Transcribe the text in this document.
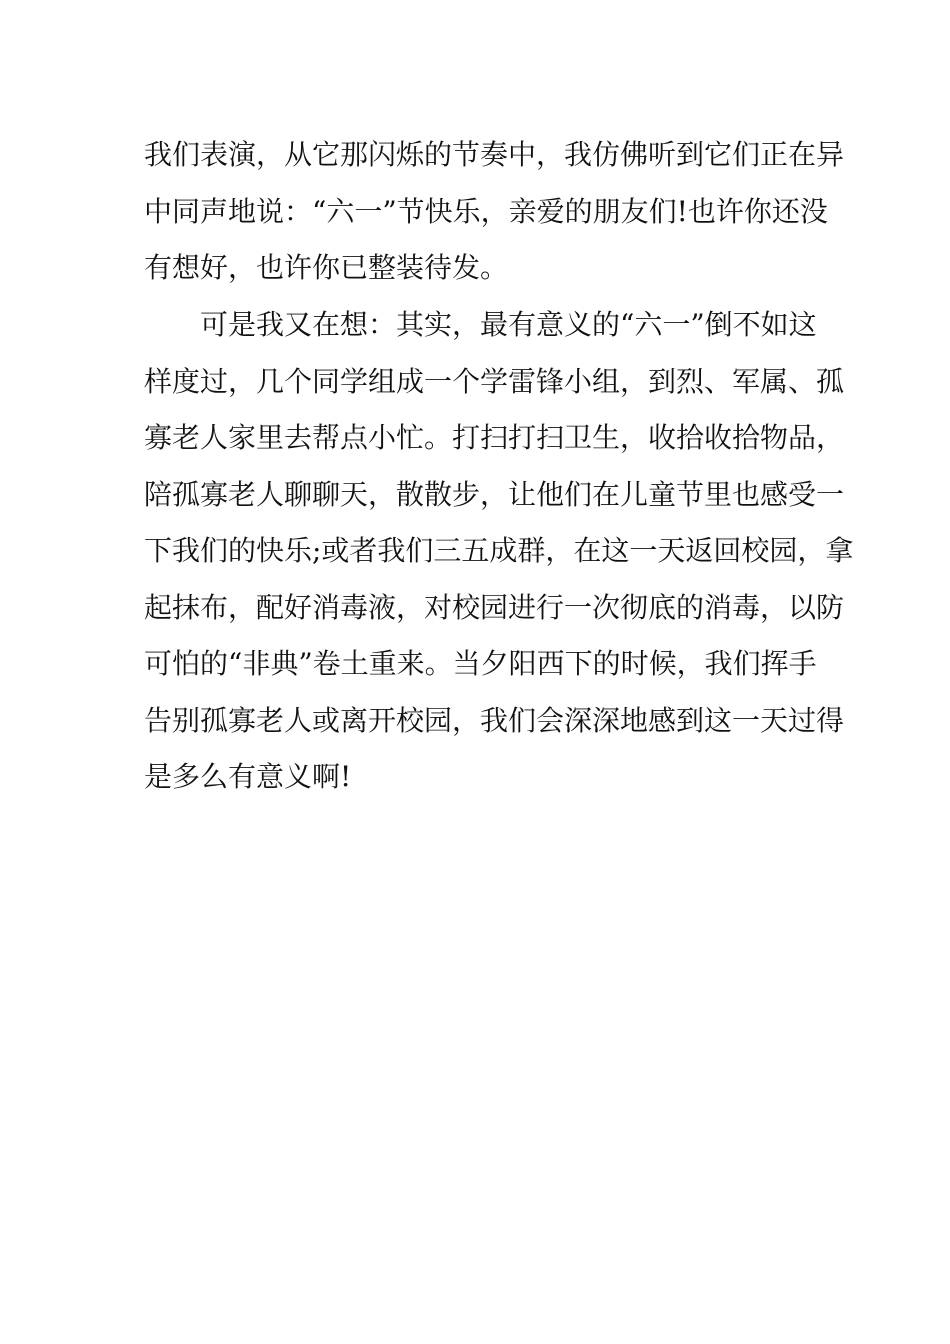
我们表演，从它那闪烁的节奏中，我仿佛听到它们正在异
中同声地说：“六一”节快乐，亲爱的朋友们!也许你还没
有想好，也许你已整装待发。
可是我又在想：其实，最有意义的“六一”倒不如这
样度过，几个同学组成一个学雷锋小组，到烈、军属、孤
寡老人家里去帮点小忙。打扫打扫卫生，收拾收拾物品，
陪孤寡老人聊聊天，散散步，让他们在儿童节里也感受一
下我们的快乐;或者我们三五成群，在这一天返回校园，拿
起抹布，配好消毒液，对校园进行一次彻底的消毒，以防
可怕的“非典”卷土重来。当夕阳西下的时候，我们挥手
告别孤寡老人或离开校园，我们会深深地感到这一天过得
是多么有意义啊!
